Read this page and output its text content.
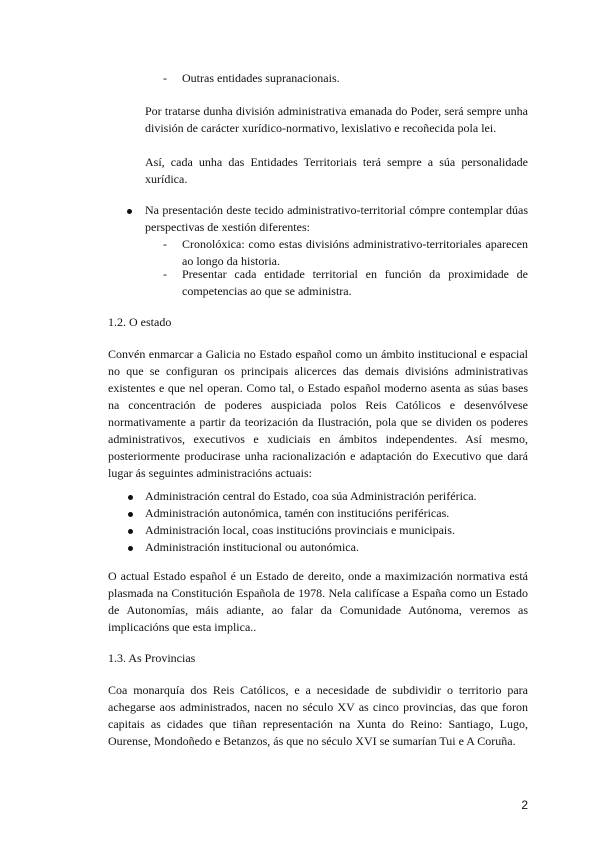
- Outras entidades supranacionais.

Por tratarse dunha división administrativa emanada do Poder, será sempre unha división de carácter xurídico-normativo, lexislativo e recoñecida pola lei.

Así, cada unha das Entidades Territoriais terá sempre a súa personalidade xurídica.

Na presentación deste tecido administrativo-territorial cómpre contemplar dúas perspectivas de xestión diferentes:

- Cronolóxica: como estas divisións administrativo-territoriales aparecen ao longo da historia.

- Presentar cada entidade territorial en función da proximidade de competencias ao que se administra.

1.2. O estado

Convén enmarcar a Galicia no Estado español como un ámbito institucional e espacial no que se configuran os principais alicerces das demais divisións administrativas existentes e que nel operan. Como tal, o Estado español moderno asenta as súas bases na concentración de poderes auspiciada polos Reis Católicos e desenvólvese normativamente a partir da teorización da Ilustración, pola que se dividen os poderes administrativos, executivos e xudiciais en ámbitos independentes. Así mesmo, posteriormente producirase unha racionalización e adaptación do Executivo que dará lugar ás seguintes administracións actuais:

Administración central do Estado, coa súa Administración periférica.

Administración autonómica, tamén con institucións periféricas.

Administración local, coas institucións provinciais e municipais.

Administración institucional ou autonómica.

O actual Estado español é un Estado de dereito, onde a maximización normativa está plasmada na Constitución Española de 1978. Nela califícase a España como un Estado de Autonomías, máis adiante, ao falar da Comunidade Autónoma, veremos as implicacións que esta implica..

1.3. As Provincias

Coa monarquía dos Reis Católicos, e a necesidade de subdividir o territorio para achegarse aos administrados, nacen no século XV as cinco provincias, das que foron capitais as cidades que tiñan representación na Xunta do Reino: Santiago, Lugo, Ourense, Mondoñedo e Betanzos, ás que no século XVI se sumarían Tui e A Coruña.

2
